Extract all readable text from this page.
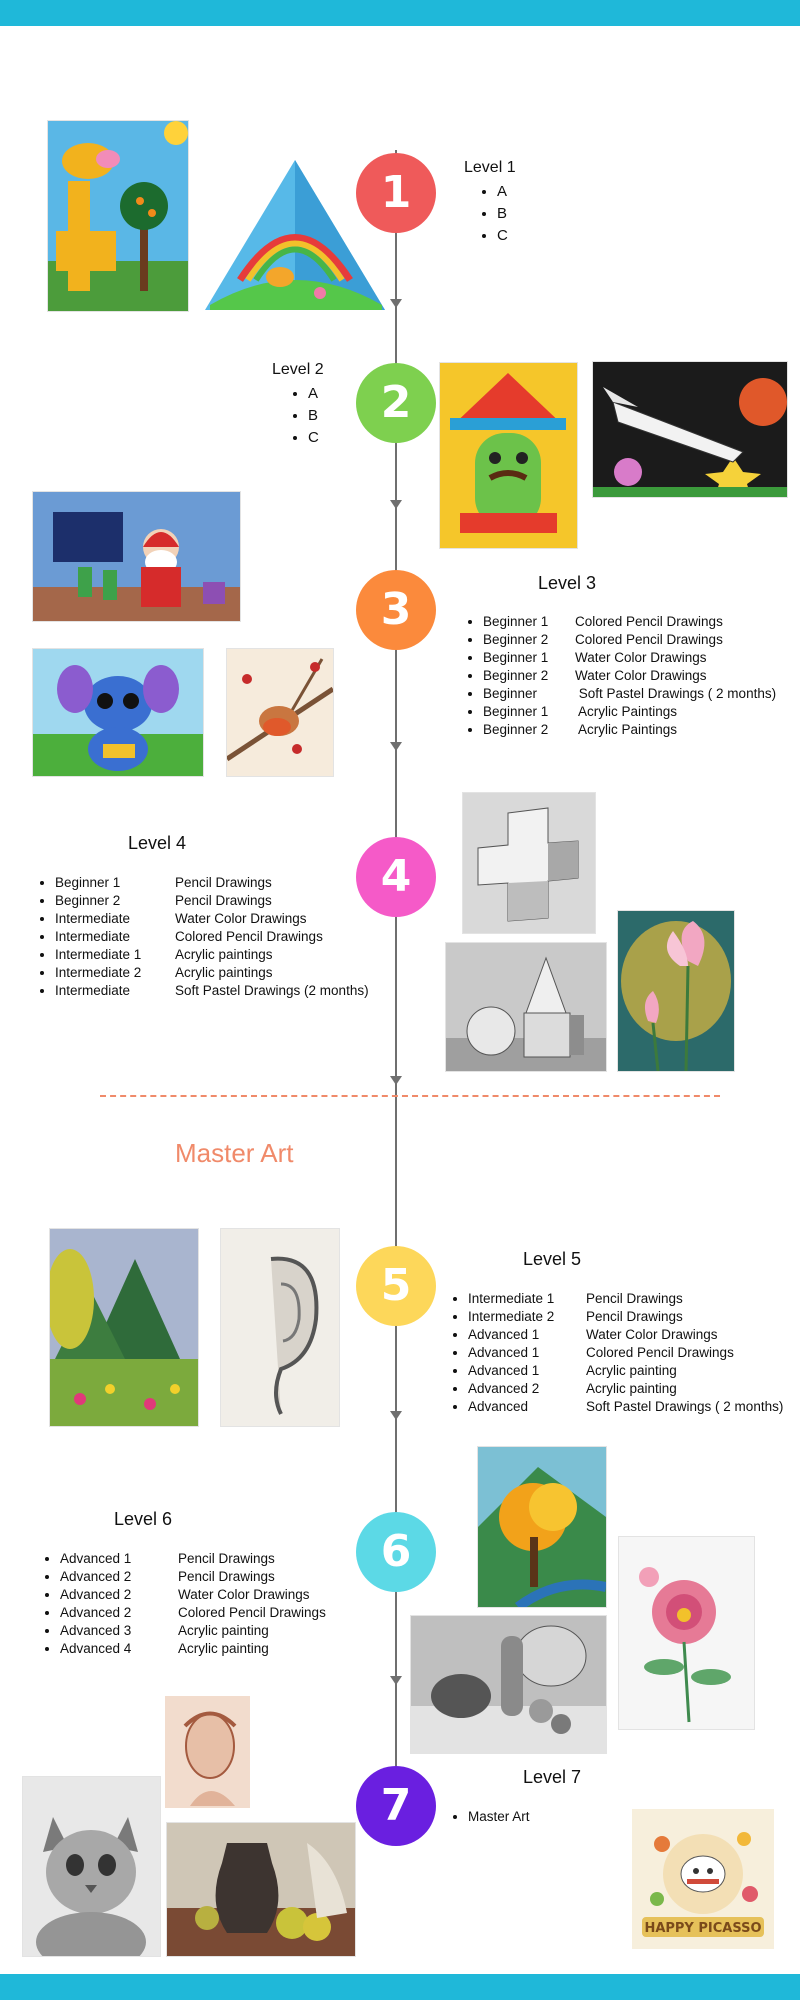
1	Level 1
• A
• B
• C
Level 2
• A
• B
• C
2
3
Level 3
• Beginner 1 Colored Pencil Drawings
• Beginner 2 Colored Pencil Drawings
• Beginner 1 Water Color Drawings
• Beginner 2 Water Color Drawings
• Beginner	Soft Pastel Drawings ( 2 months)
• Beginner 1 Acrylic Paintings
• Beginner 2 Acrylic Paintings
Level 4
• Beginner 1	Pencil Drawings
• Beginner 2	Pencil Drawings
• Intermediate	Water Color Drawings
• Intermediate	Colored Pencil Drawings
• Intermediate 1 Acrylic paintings
• Intermediate 2 Acrylic paintings
• Intermediate	Soft Pastel Drawings (2 months)
4
Master Art
5
Level 5
• Intermediate 1 Pencil Drawings
• Intermediate 2 Pencil Drawings
• Advanced 1	Water Color Drawings
• Advanced 1	Colored Pencil Drawings
• Advanced 1	Acrylic painting
• Advanced 2	Acrylic painting
• Advanced	Soft Pastel Drawings ( 2 months)
Level 6
• Advanced 1	Pencil Drawings
• Advanced 2	Pencil Drawings
• Advanced 2	Water Color Drawings
• Advanced 2	Colored Pencil Drawings
• Advanced 3	Acrylic painting
• Advanced 4	Acrylic painting
6
7
Level 7
• Master Art
HAPPY PICASSO
